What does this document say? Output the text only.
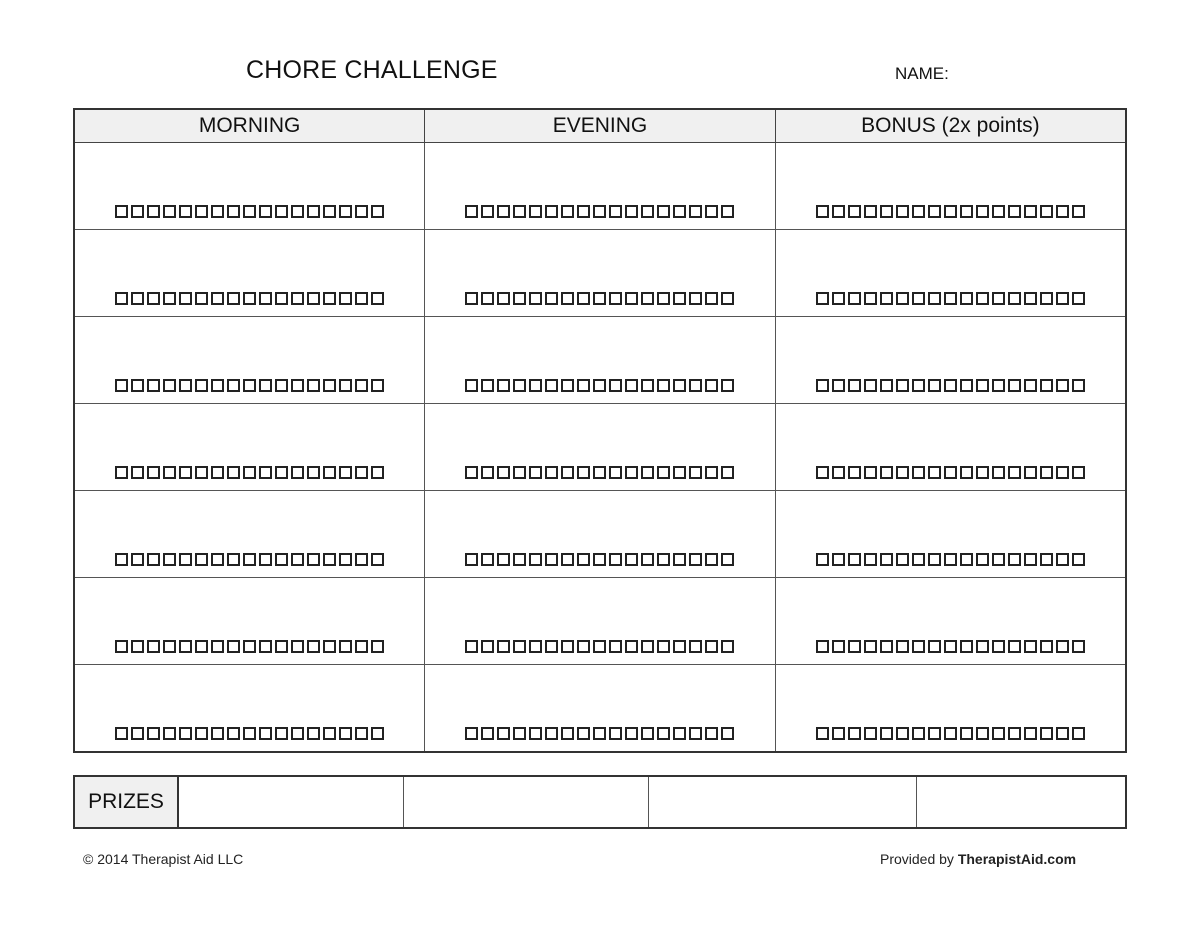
CHORE CHALLENGE	NAME:
MORNING	EVENING	BONUS (2x points)

PRIZES				
© 2014 Therapist Aid LLC	Provided by TherapistAid.com
